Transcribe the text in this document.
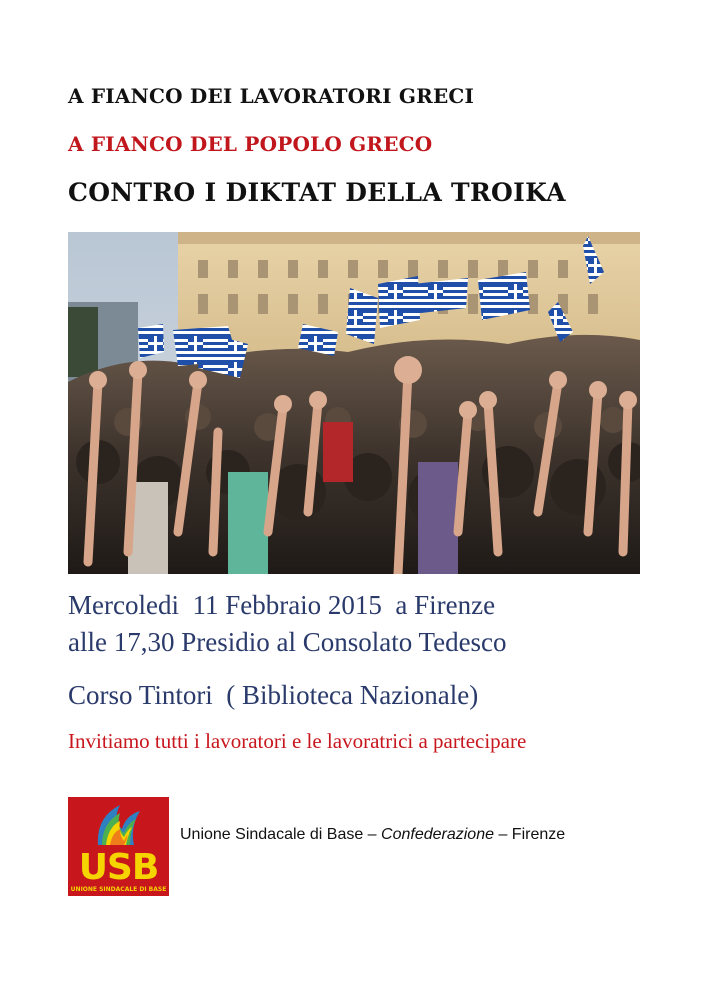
A FIANCO DEI LAVORATORI GRECI
A FIANCO DEL POPOLO GRECO
CONTRO I DIKTAT DELLA TROIKA

Mercoledi  11 Febbraio 2015  a Firenze

alle 17,30 Presidio al Consolato Tedesco

Corso Tintori  ( Biblioteca Nazionale)

Invitiamo tutti i lavoratori e le lavoratrici a partecipare

USB
UNIONE SINDACALE DI BASE
Unione Sindacale di Base – Confederazione – Firenze
